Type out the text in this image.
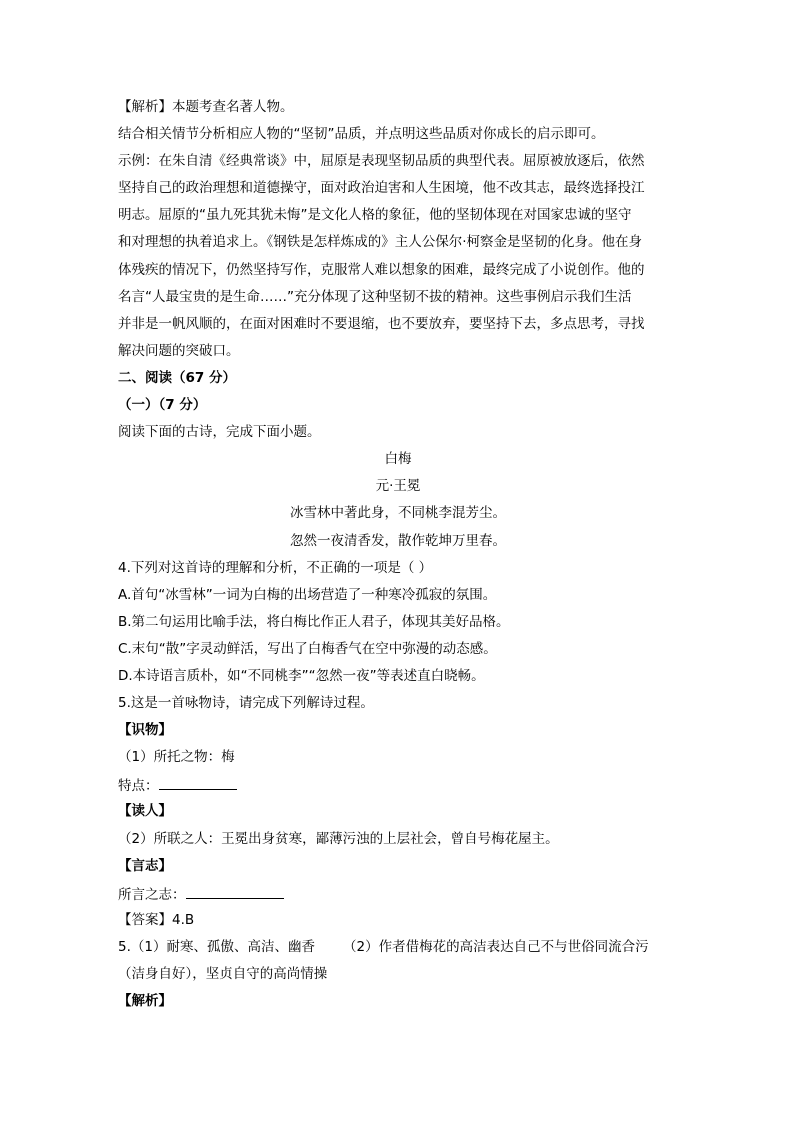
【解析】本题考查名著人物。
结合相关情节分析相应人物的“坚韧”品质，并点明这些品质对你成长的启示即可。
示例：在朱自清《经典常谈》中，屈原是表现坚韧品质的典型代表。屈原被放逐后，依然
坚持自己的政治理想和道德操守，面对政治迫害和人生困境，他不改其志，最终选择投江
明志。屈原的“虽九死其犹未悔”是文化人格的象征，他的坚韧体现在对国家忠诚的坚守
和对理想的执着追求上。《钢铁是怎样炼成的》主人公保尔·柯察金是坚韧的化身。他在身
体残疾的情况下，仍然坚持写作，克服常人难以想象的困难，最终完成了小说创作。他的
名言“人最宝贵的是生命……”充分体现了这种坚韧不拔的精神。这些事例启示我们生活
并非是一帆风顺的，在面对困难时不要退缩，也不要放弃，要坚持下去，多点思考，寻找
解决问题的突破口。
二、阅读（67 分）
（一）（7 分）
阅读下面的古诗，完成下面小题。
白梅
元·王冕
冰雪林中著此身，不同桃李混芳尘。
忽然一夜清香发，散作乾坤万里春。
4.下列对这首诗的理解和分析，不正确的一项是（ ）
A.首句“冰雪林”一词为白梅的出场营造了一种寒冷孤寂的氛围。
B.第二句运用比喻手法，将白梅比作正人君子，体现其美好品格。
C.末句“散”字灵动鲜活，写出了白梅香气在空中弥漫的动态感。
D.本诗语言质朴，如“不同桃李”“忽然一夜”等表述直白晓畅。
5.这是一首咏物诗，请完成下列解诗过程。
【识物】
（1）所托之物：梅
特点：
【读人】
（2）所联之人：王冕出身贫寒，鄙薄污浊的上层社会，曾自号梅花屋主。
【言志】
所言之志：
【答案】4.B
5.（1）耐寒、孤傲、高洁、幽香 （2）作者借梅花的高洁表达自己不与世俗同流合污
（洁身自好），坚贞自守的高尚情操
【解析】
